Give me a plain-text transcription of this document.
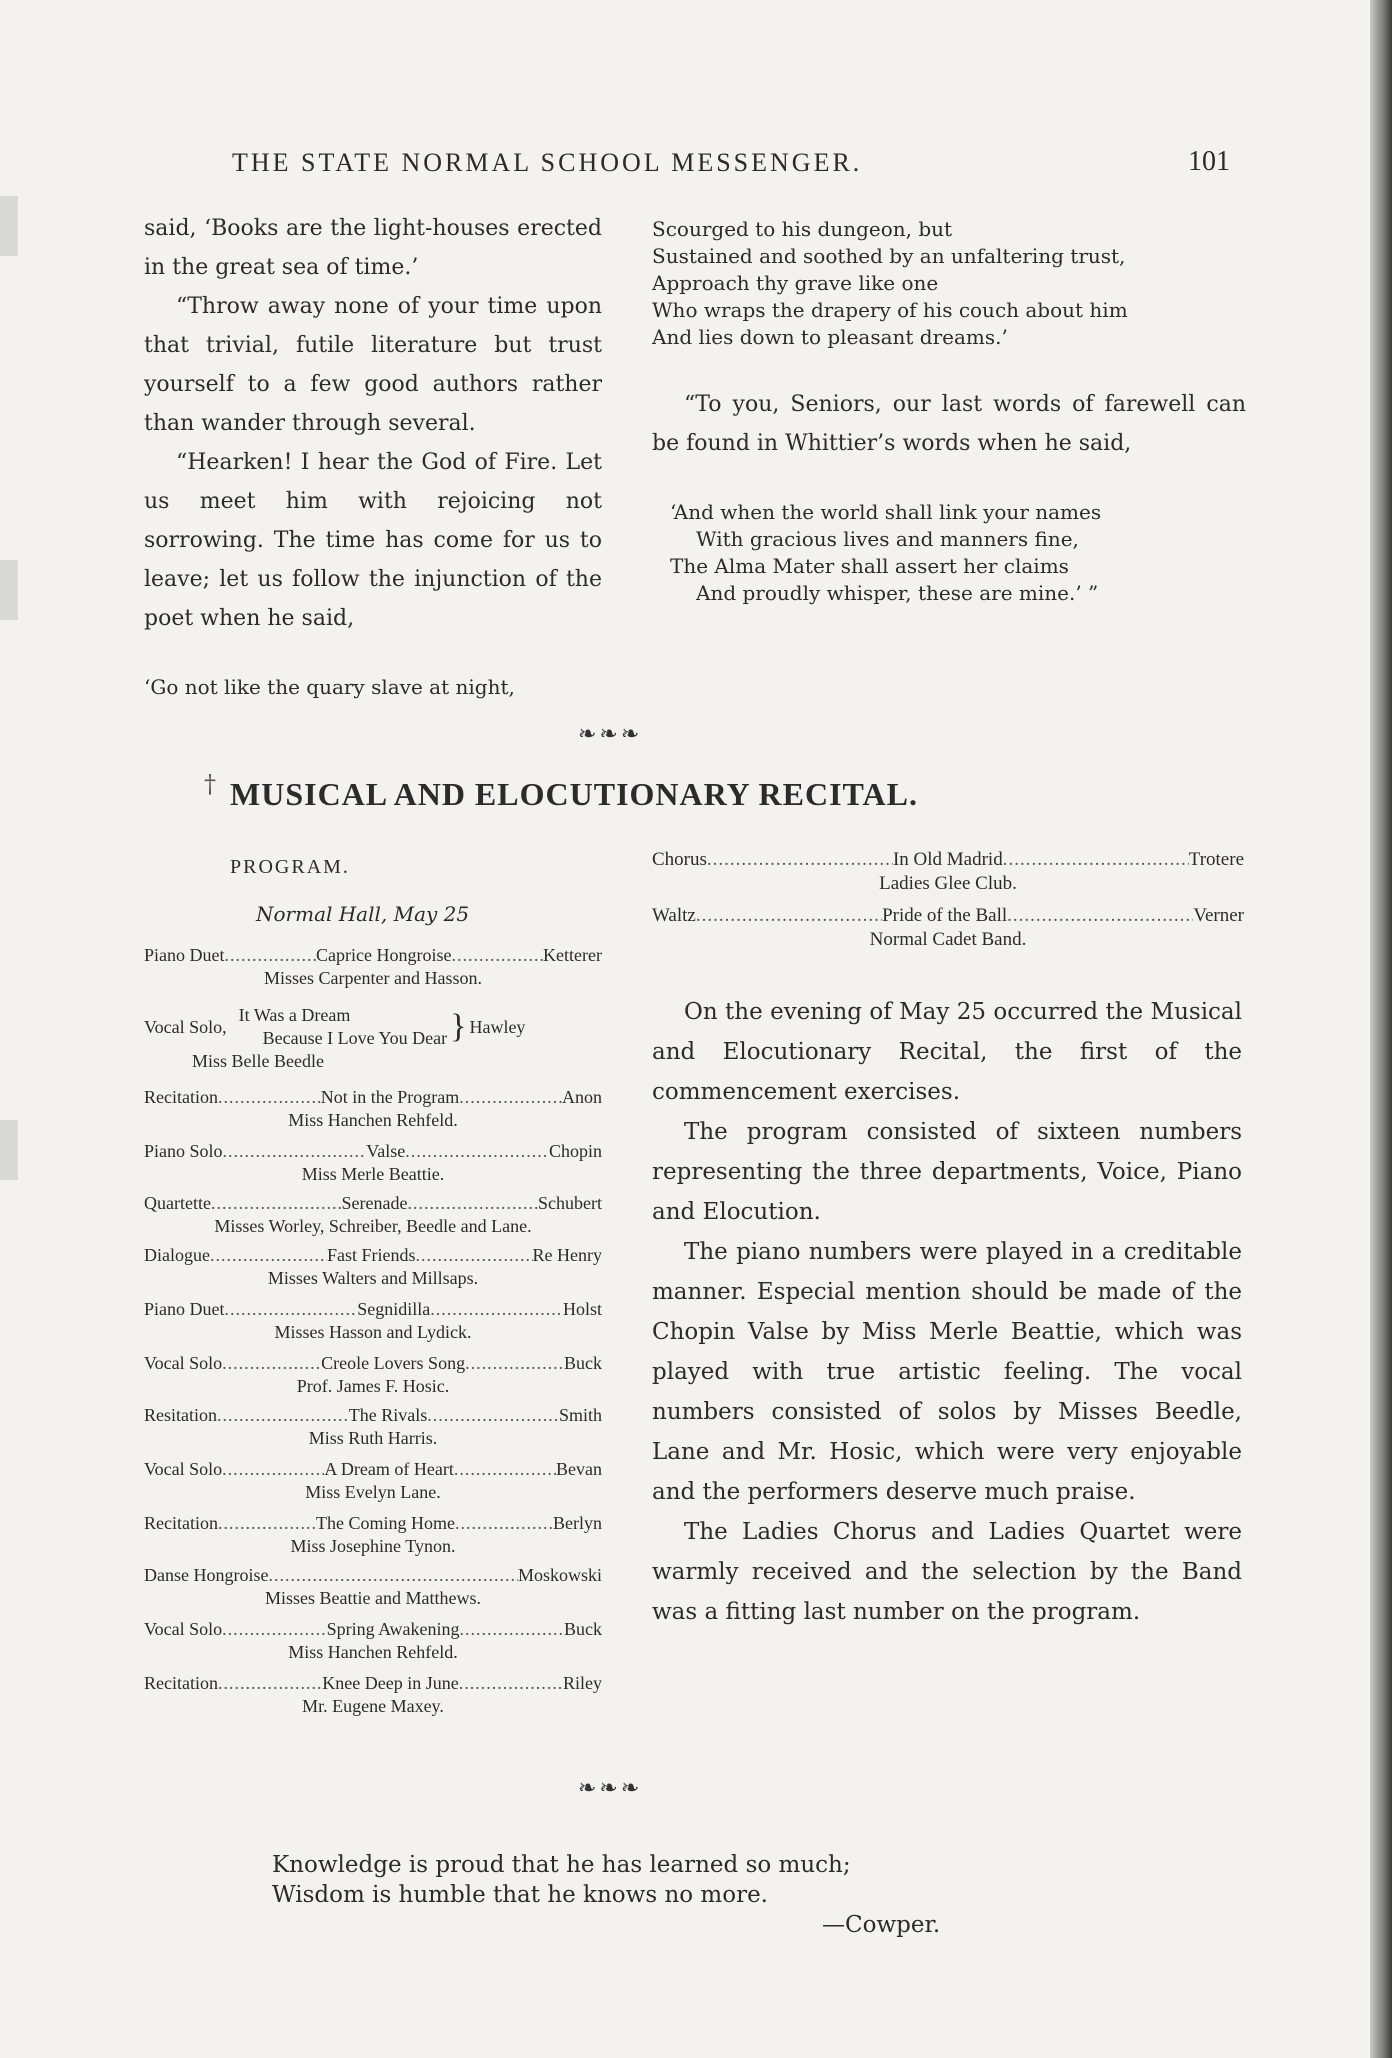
THE STATE NORMAL SCHOOL MESSENGER.	101

said, ‘Books are the light-houses erected in the great sea of time.’

“Throw away none of your time upon that trivial, futile literature but trust yourself to a few good authors rather than wander through several.

“Hearken! I hear the God of Fire. Let us meet him with rejoicing not sorrowing. The time has come for us to leave; let us follow the injunction of the poet when he said,

‘Go not like the quary slave at night,
Scourged to his dungeon, but
Sustained and soothed by an unfaltering trust,
Approach thy grave like one
Who wraps the drapery of his couch about him
And lies down to pleasant dreams.’

“To you, Seniors, our last words of farewell can be found in Whittier’s words when he said,

‘And when the world shall link your names
With gracious lives and manners fine,
The Alma Mater shall assert her claims
And proudly whisper, these are mine.’ ”
❧❧❧
† MUSICAL AND ELOCUTIONARY RECITAL.
PROGRAM.
Normal Hall, May 25
Piano Duet .....	Caprice Hongroise .....	Ketterer
Misses Carpenter and Hasson.
Vocal Solo,
It Was a Dream
Because I Love You Dear } Hawley
Miss Belle Beedle
Recitation .....	Not in the Program .....	Anon
Miss Hanchen Rehfeld.
Piano Solo .....	Valse .....	Chopin
Miss Merle Beattie.
Quartette .....	Serenade .....	Schubert
Misses Worley, Schreiber, Beedle and Lane.
Dialogue .....	Fast Friends .....	Re Henry
Misses Walters and Millsaps.
Piano Duet .....	Segnidilla .....	Holst
Misses Hasson and Lydick.
Vocal Solo .....	Creole Lovers Song .....	Buck
Prof. James F. Hosic.
Resitation .....	The Rivals .....	Smith
Miss Ruth Harris.
Vocal Solo .....	A Dream of Heart .....	Bevan
Miss Evelyn Lane.
Recitation .....	The Coming Home .....	Berlyn
Miss Josephine Tynon.
Danse Hongroise .....	Moskowski
Misses Beattie and Matthews.
Vocal Solo .....	Spring Awakening .....	Buck
Miss Hanchen Rehfeld.
Recitation .....	Knee Deep in June .....	Riley
Mr. Eugene Maxey.
Chorus .....	In Old Madrid .....	Trotere
Ladies Glee Club.
Waltz .....	Pride of the Ball .....	Verner
Normal Cadet Band.

On the evening of May 25 occurred the Musical and Elocutionary Recital, the first of the commencement exercises.

The program consisted of sixteen numbers representing the three departments, Voice, Piano and Elocution.

The piano numbers were played in a creditable manner. Especial mention should be made of the Chopin Valse by Miss Merle Beattie, which was played with true artistic feeling. The vocal numbers consisted of solos by Misses Beedle, Lane and Mr. Hosic, which were very enjoyable and the performers deserve much praise.

The Ladies Chorus and Ladies Quartet were warmly received and the selection by the Band was a fitting last number on the program.

❧❧❧
Knowledge is proud that he has learned so much;
Wisdom is humble that he knows no more.
—Cowper.
